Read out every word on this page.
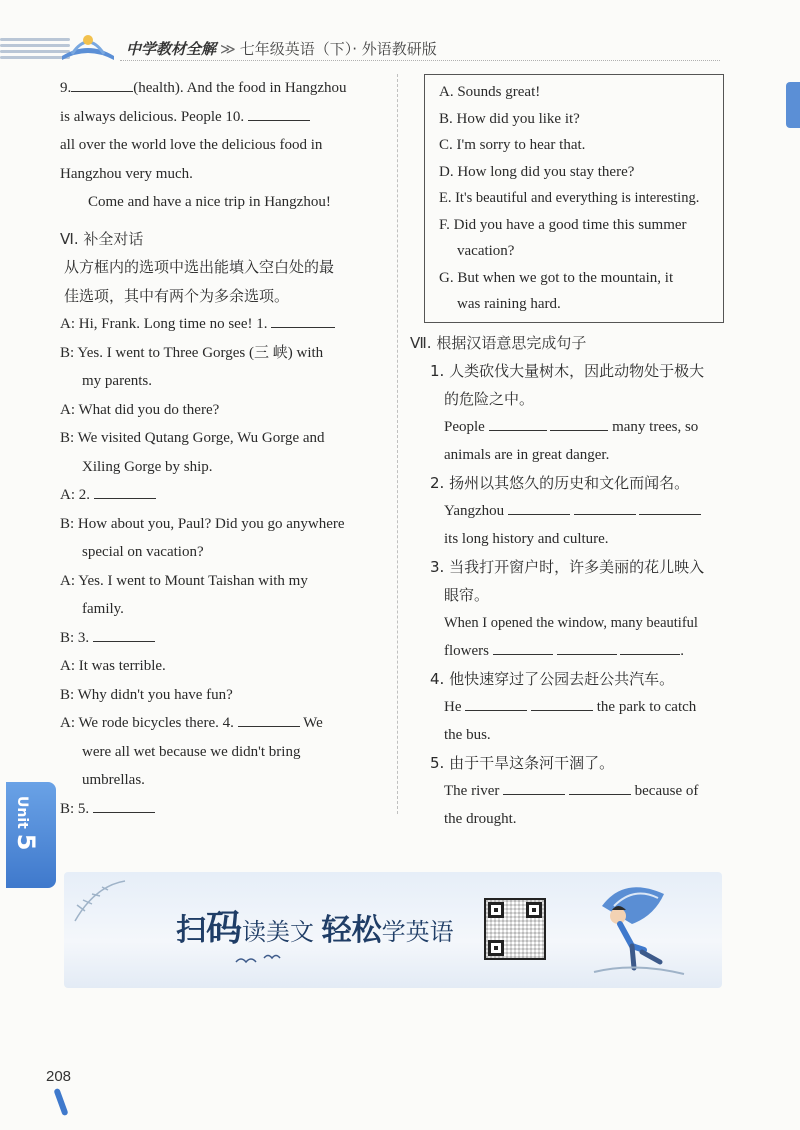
中学教材全解 ≫ 七年级英语（下）· 外语教研版
9.	(health). And the food in Hangzhou
is always delicious. People 10.
all over the world love the delicious food in
Hangzhou very much.
Come and have a nice trip in Hangzhou!
Ⅵ. 补全对话
从方框内的选项中选出能填入空白处的最
佳选项，其中有两个为多余选项。
A: Hi, Frank. Long time no see! 1.
B: Yes. I went to Three Gorges (三 峡) with
my parents.
A: What did you do there?
B: We visited Qutang Gorge, Wu Gorge and
Xiling Gorge by ship.
A: 2.
B: How about you, Paul? Did you go anywhere
special on vacation?
A: Yes. I went to Mount Taishan with my
family.
B: 3.
A: It was terrible.
B: Why didn't you have fun?
A: We rode bicycles there. 4.	We
were all wet because we didn't bring
umbrellas.
B: 5.
A. Sounds great!
B. How did you like it?
C. I'm sorry to hear that.
D. How long did you stay there?
E. It's beautiful and everything is interesting.
F. Did you have a good time this summer
vacation?
G. But when we got to the mountain, it
was raining hard.
Ⅶ. 根据汉语意思完成句子
1. 人类砍伐大量树木，因此动物处于极大
的危险之中。
People	many trees, so
animals are in great danger.
2. 扬州以其悠久的历史和文化而闻名。
Yangzhou
its long history and culture.
3. 当我打开窗户时，许多美丽的花儿映入
眼帘。
When I opened the window, many beautiful
flowers	.
4. 他快速穿过了公园去赶公共汽车。
He	the park to catch
the bus.
5. 由于干旱这条河干涸了。
The river	because of
the drought.
Unit 5
扫码读美文 轻松学英语
208
